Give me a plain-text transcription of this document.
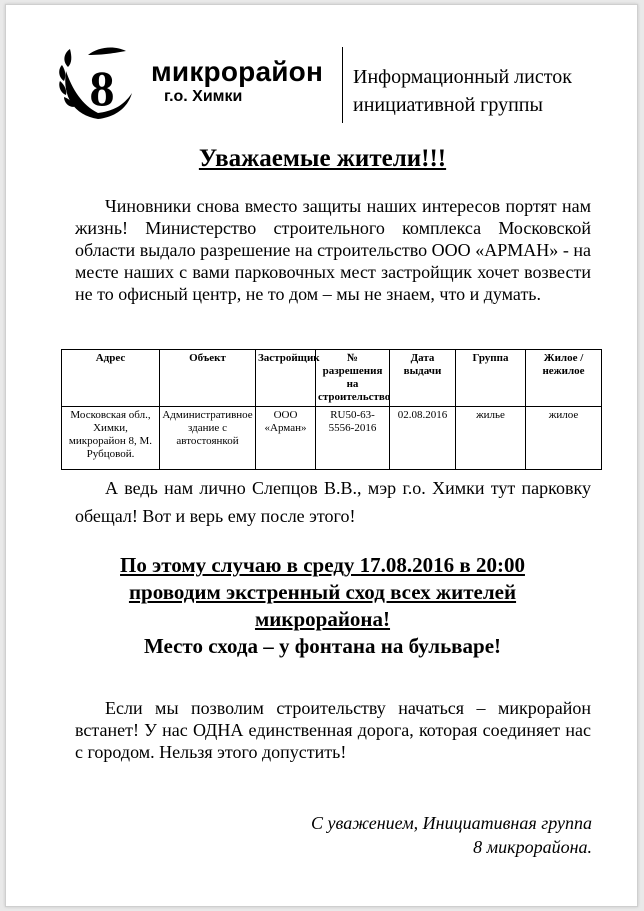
8 микрорайон
г.о. Химки
Информационный листок
инициативной группы
Уважаемые жители!!!
Чиновники снова вместо защиты наших интересов портят нам жизнь! Министерство строительного комплекса Московской области выдало разрешение на строительство ООО «АРМАН» - на месте наших с вами парковочных мест застройщик хочет возвести не то офисный центр, не то дом – мы не знаем, что и думать.
Адрес	Объект	Застройщик	№ разрешения на строительство	Дата выдачи	Группа	Жилое / нежилое
Московская обл., Химки, микрорайон 8, М. Рубцовой.	Административное здание с автостоянкой	ООО «Арман»	RU50-63-5556-2016	02.08.2016	жилье	жилое
А ведь нам лично Слепцов В.В., мэр г.о. Химки тут парковку обещал! Вот и верь ему после этого!
По этому случаю в среду 17.08.2016 в 20:00
проводим экстренный сход всех жителей
микрорайона!
Место схода – у фонтана на бульваре!
Если мы позволим строительству начаться – микрорайон встанет! У нас ОДНА единственная дорога, которая соединяет нас с городом. Нельзя этого допустить!
С уважением, Инициативная группа
8 микрорайона.
